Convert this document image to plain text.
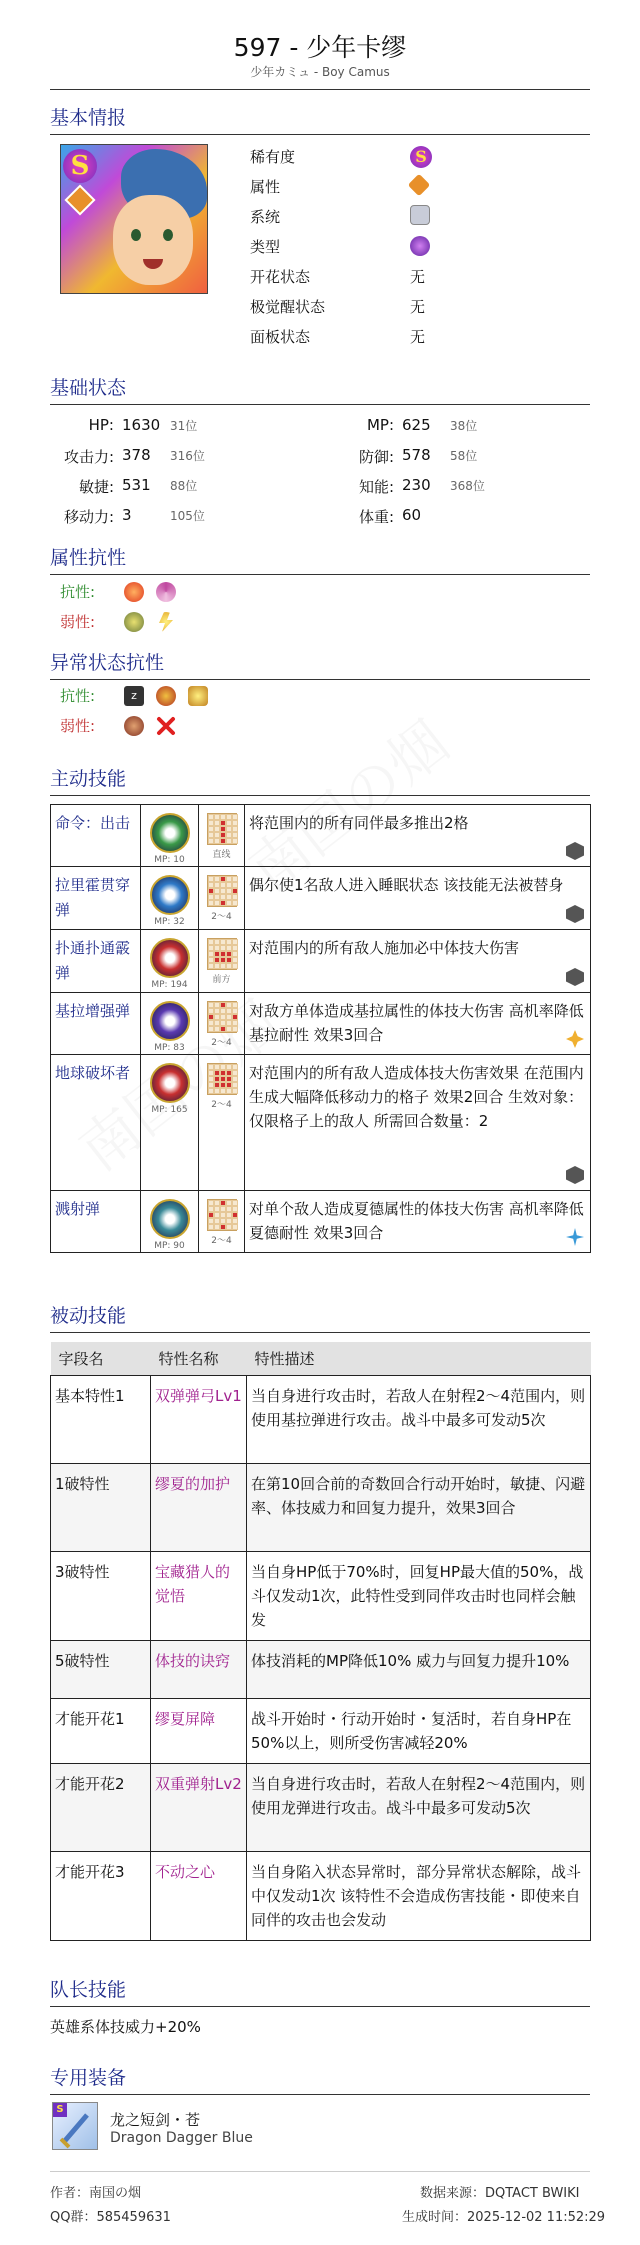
597 - 少年卡缪
少年カミュ - Boy Camus
基本情报
S	稀有度
属性
系统
类型
开花状态	无
极觉醒状态	无
面板状态	无
S
基础状态
HP: 1630 31位
攻击力: 378 316位
敏捷: 531 88位
移动力: 3	105位
MP: 625 38位
防御: 578 58位
知能: 230 368位
体重: 60
属性抗性
抗性:
弱性:
异常状态抗性
抗性:	z
弱性:
主动技能
命令：出击	MP: 10	直线	将范围内的所有同伴最多推出2格

拉里霍贯穿弹	MP: 32	2～4	偶尔使1名敌人进入睡眠状态 该技能无法被替身

扑通扑通霰弹	MP: 194	前方	对范围内的所有敌人施加必中体技大伤害

基拉增强弹	MP: 83	2～4	对敌方单体造成基拉属性的体技大伤害 高机率降低基拉耐性 效果3回合

地球破坏者	MP: 165	2～4	对范围内的所有敌人造成体技大伤害效果 在范围内生成大幅降低移动力的格子 效果2回合 生效对象：仅限格子上的敌人 所需回合数量：2

溅射弹	MP: 90	2～4	对单个敌人造成夏德属性的体技大伤害 高机率降低夏德耐性 效果3回合
被动技能
字段名	特性名称	特性描述
基本特性1	双弹弹弓Lv1	当自身进行攻击时，若敌人在射程2～4范围内，则使用基拉弹进行攻击。战斗中最多可发动5次
1破特性	缪夏的加护	在第10回合前的奇数回合行动开始时，敏捷、闪避率、体技威力和回复力提升，效果3回合
3破特性	宝藏猎人的觉悟	当自身HP低于70%时，回复HP最大值的50%，战斗仅发动1次，此特性受到同伴攻击时也同样会触发
5破特性	体技的诀窍	体技消耗的MP降低10% 威力与回复力提升10%
才能开花1	缪夏屏障	战斗开始时・行动开始时・复活时，若自身HP在50%以上，则所受伤害减轻20%
才能开花2	双重弹射Lv2	当自身进行攻击时，若敌人在射程2～4范围内，则使用龙弹进行攻击。战斗中最多可发动5次
才能开花3	不动之心	当自身陷入状态异常时，部分异常状态解除，战斗中仅发动1次 该特性不会造成伤害技能・即使来自同伴的攻击也会发动
队长技能
英雄系体技威力+20%
专用装备
S
龙之短剑・苍
Dragon Dagger Blue
作者：南国の烟
QQ群：585459631
数据来源：DQTACT BWIKI
生成时间：2025-12-02 11:52:29
